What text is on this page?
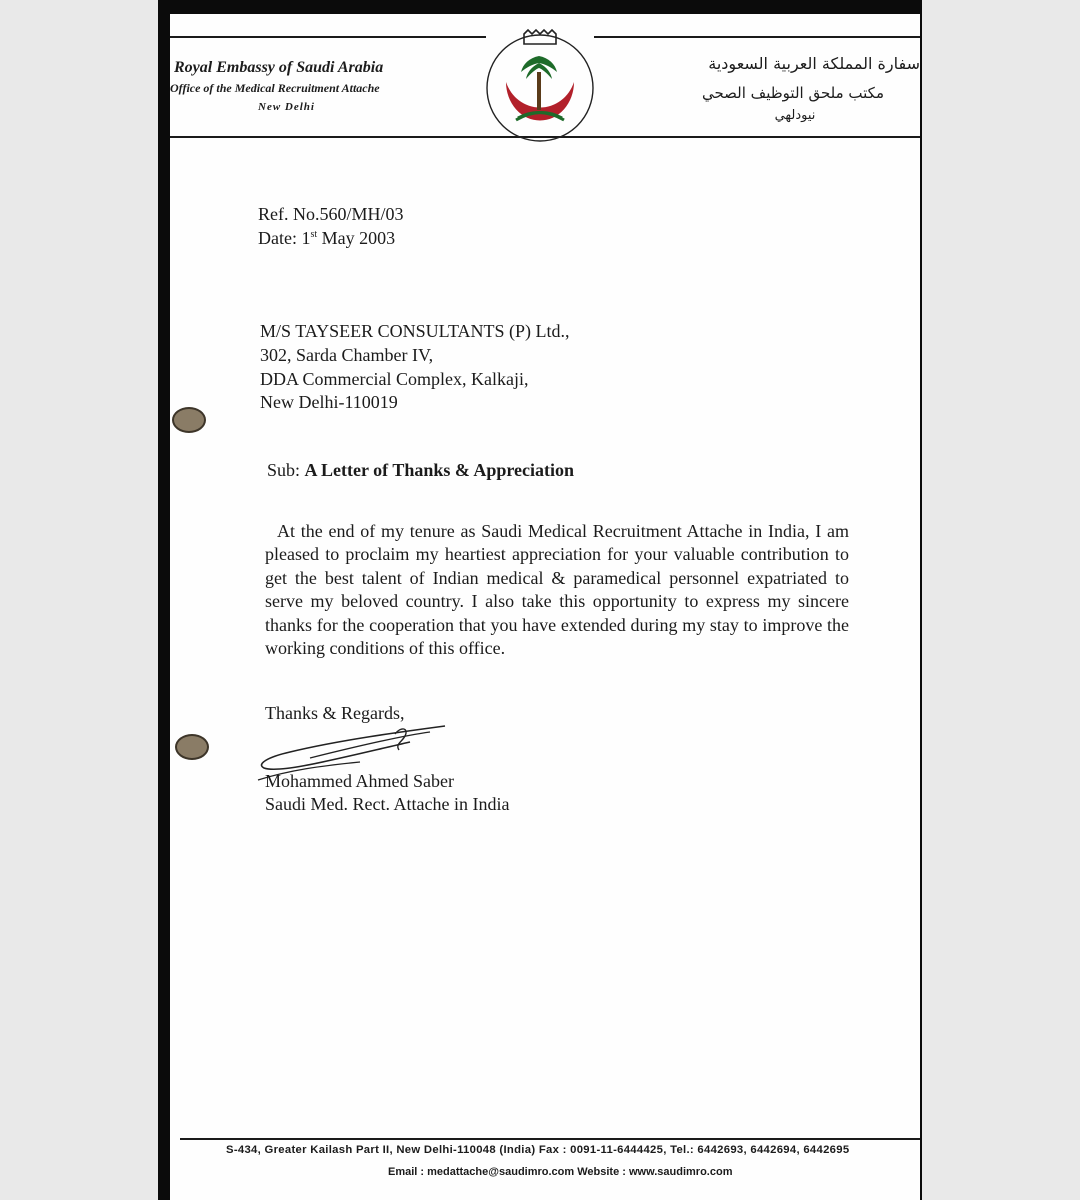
Royal Embassy of Saudi Arabia
Office of the Medical Recruitment Attache
New Delhi
سفارة المملكة العربية السعودية
مكتب ملحق التوظيف الصحي
نيودلهي
Ref. No.560/MH/03
Date: 1st May 2003
M/S TAYSEER CONSULTANTS (P) Ltd.,
302, Sarda Chamber IV,
DDA Commercial Complex, Kalkaji,
New Delhi-110019
Sub: A Letter of Thanks & Appreciation
At the end of my tenure as Saudi Medical Recruitment Attache in India, I am pleased to proclaim my heartiest appreciation for your valuable contribution to get the best talent of Indian medical & paramedical personnel expatriated to serve my beloved country. I also take this opportunity to express my sincere thanks for the cooperation that you have extended during my stay to improve the working conditions of this office.
Thanks & Regards,
Mohammed Ahmed Saber
Saudi Med. Rect. Attache in India
S-434, Greater Kailash Part II, New Delhi-110048 (India) Fax : 0091-11-6444425, Tel.: 6442693, 6442694, 6442695
Email : medattache@saudimro.com Website : www.saudimro.com
